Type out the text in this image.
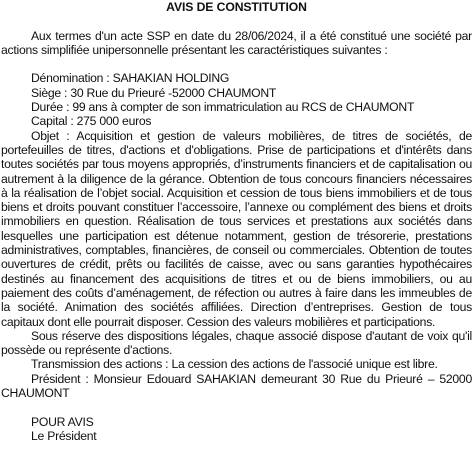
AVIS DE CONSTITUTION

Aux termes d'un acte SSP en date du 28/06/2024, il a été constitué une société par actions simplifiée unipersonnelle présentant les caractéristiques suivantes :

Dénomination : SAHAKIAN HOLDING

Siège : 30 Rue du Prieuré -52000 CHAUMONT

Durée : 99 ans à compter de son immatriculation au RCS de CHAUMONT

Capital : 275 000 euros

Objet : Acquisition et gestion de valeurs mobilières, de titres de sociétés, de portefeuilles de titres, d'actions et d'obligations. Prise de participations et d'intérêts dans toutes sociétés par tous moyens appropriés, d’instruments financiers et de capitalisation ou autrement à la diligence de la gérance. Obtention de tous concours financiers nécessaires à la réalisation de l’objet social. Acquisition et cession de tous biens immobiliers et de tous biens et droits pouvant constituer l’accessoire, l’annexe ou complément des biens et droits immobiliers en question. Réalisation de tous services et prestations aux sociétés dans lesquelles une participation est détenue notamment, gestion de trésorerie, prestations administratives, comptables, financières, de conseil ou commerciales. Obtention de toutes ouvertures de crédit, prêts ou facilités de caisse, avec ou sans garanties hypothécaires destinés au financement des acquisitions de titres et ou de biens immobiliers, ou au paiement des coûts d’aménagement, de réfection ou autres à faire dans les immeubles de la société. Animation des sociétés affiliées. Direction d’entreprises. Gestion de tous capitaux dont elle pourrait disposer. Cession des valeurs mobilières et participations.

Sous réserve des dispositions légales, chaque associé dispose d'autant de voix qu'il possède ou représente d'actions.

Transmission des actions : La cession des actions de l'associé unique est libre.

Président : Monsieur Edouard SAHAKIAN demeurant 30 Rue du Prieuré – 52000 CHAUMONT

POUR AVIS

Le Président
